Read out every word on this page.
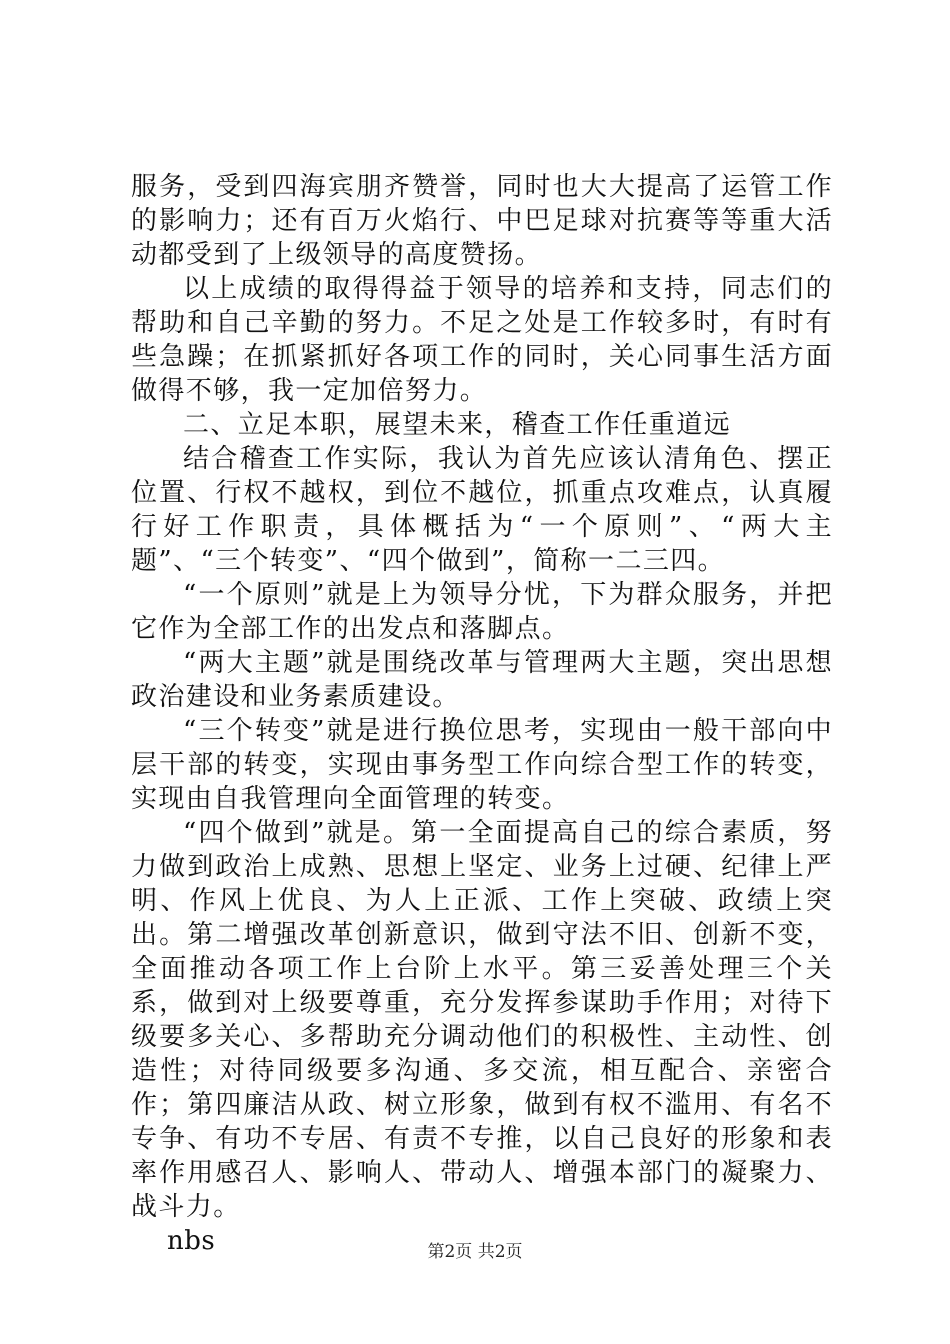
服务，受到四海宾朋齐赞誉，同时也大大提高了运管工作的影响力；还有百万火焰行、中巴足球对抗赛等等重大活动都受到了上级领导的高度赞扬。

以上成绩的取得得益于领导的培养和支持，同志们的帮助和自己辛勤的努力。不足之处是工作较多时，有时有些急躁；在抓紧抓好各项工作的同时，关心同事生活方面做得不够，我一定加倍努力。

二、立足本职，展望未来，稽查工作任重道远

结合稽查工作实际，我认为首先应该认清角色、摆正位置、行权不越权，到位不越位，抓重点攻难点，认真履行好工作职责，具体概括为“一个原则”、“两大主题”、“三个转变”、“四个做到”，简称一二三四。

“一个原则”就是上为领导分忧，下为群众服务，并把它作为全部工作的出发点和落脚点。

“两大主题”就是围绕改革与管理两大主题，突出思想政治建设和业务素质建设。

“三个转变”就是进行换位思考，实现由一般干部向中层干部的转变，实现由事务型工作向综合型工作的转变，实现由自我管理向全面管理的转变。

“四个做到”就是。第一全面提高自己的综合素质，努力做到政治上成熟、思想上坚定、业务上过硬、纪律上严明、作风上优良、为人上正派、工作上突破、政绩上突出。第二增强改革创新意识，做到守法不旧、创新不变，全面推动各项工作上台阶上水平。第三妥善处理三个关系，做到对上级要尊重，充分发挥参谋助手作用；对待下级要多关心、多帮助充分调动他们的积极性、主动性、创造性；对待同级要多沟通、多交流，相互配合、亲密合作；第四廉洁从政、树立形象，做到有权不滥用、有名不专争、有功不专居、有责不专推，以自己良好的形象和表率作用感召人、影响人、带动人、增强本部门的凝聚力、战斗力。

nbs	第2页 共2页
